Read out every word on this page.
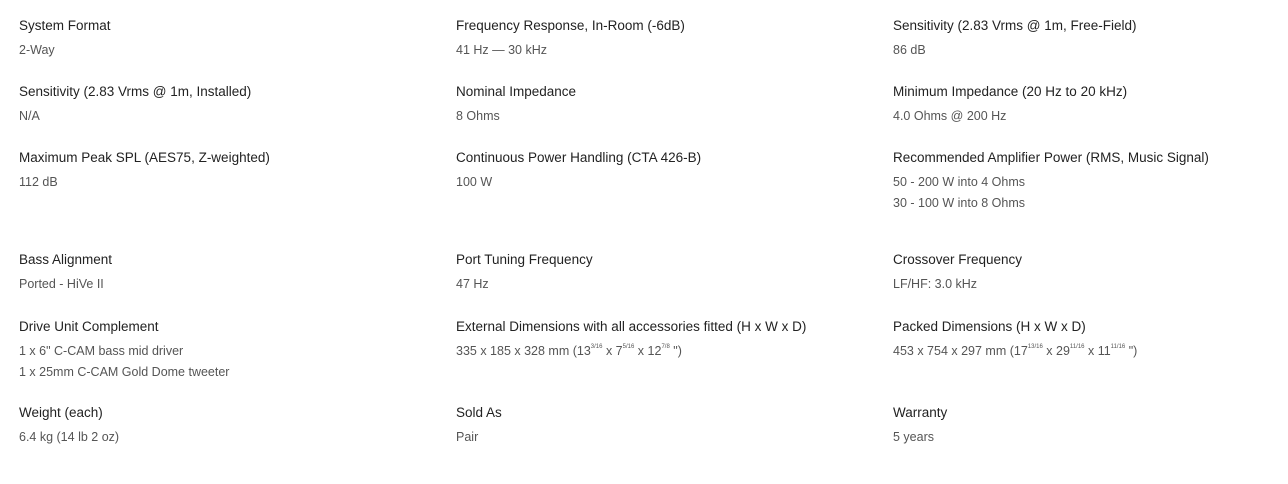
System Format
2-Way
Frequency Response, In-Room (-6dB)
41 Hz — 30 kHz
Sensitivity (2.83 Vrms @ 1m, Free-Field)
86 dB
Sensitivity (2.83 Vrms @ 1m, Installed)
N/A
Nominal Impedance
8 Ohms
Minimum Impedance (20 Hz to 20 kHz)
4.0 Ohms @ 200 Hz
Maximum Peak SPL (AES75, Z-weighted)
112 dB
Continuous Power Handling (CTA 426-B)
100 W
Recommended Amplifier Power (RMS, Music Signal)
50 - 200 W into 4 Ohms
30 - 100 W into 8 Ohms
Bass Alignment
Ported - HiVe II
Port Tuning Frequency
47 Hz
Crossover Frequency
LF/HF: 3.0 kHz
Drive Unit Complement
1 x 6" C-CAM bass mid driver
1 x 25mm C-CAM Gold Dome tweeter
External Dimensions with all accessories fitted (H x W x D)
335 x 185 x 328 mm ($13^{3/16}$ x $7^{5/16}$ x $12^{7/8}$ ")
Packed Dimensions (H x W x D)
453 x 754 x 297 mm ($17^{13/16}$ x $29^{11/16}$ x $11^{11/16}$ ")
Weight (each)
6.4 kg (14 lb 2 oz)
Sold As
Pair
Warranty
5 years
